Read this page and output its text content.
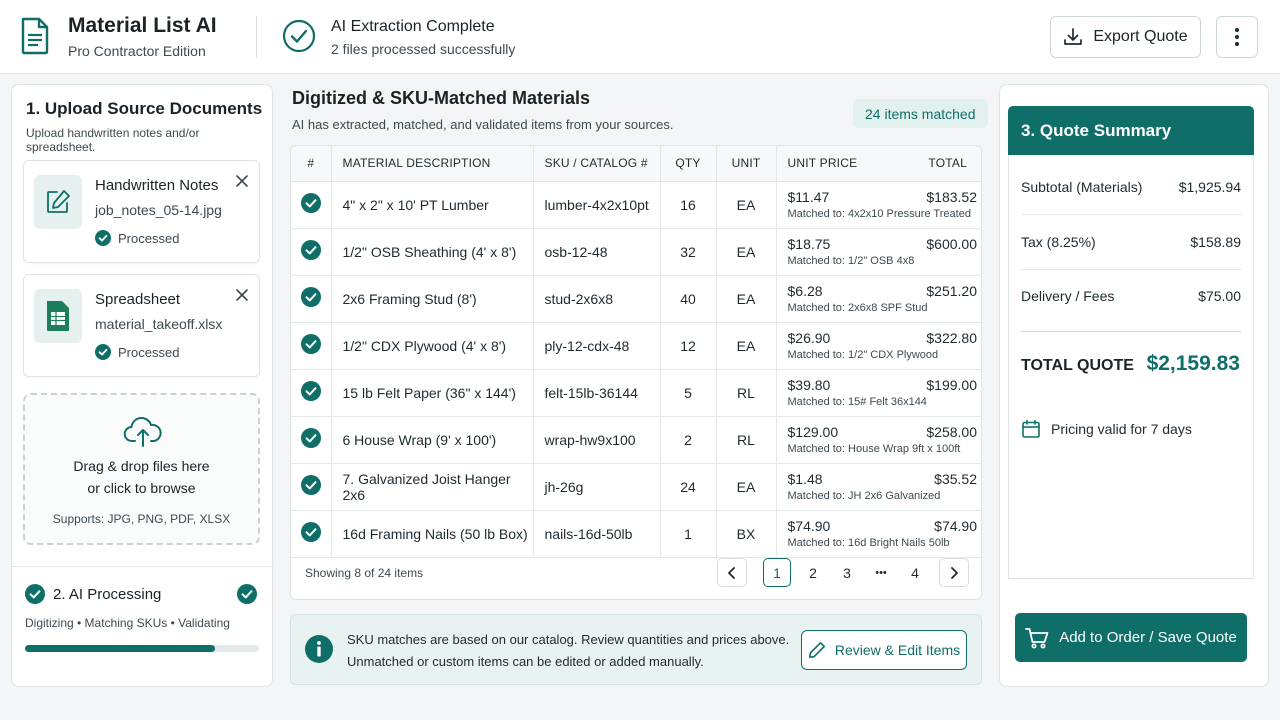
Material List AI
Pro Contractor Edition
AI Extraction Complete
2 files processed successfully
Export Quote
1. Upload Source Documents
Upload handwritten notes and/or spreadsheet.
Handwritten Notes
job_notes_05-14.jpg
Processed
Spreadsheet
material_takeoff.xlsx
Processed
Drag & drop files here
or click to browse
Supports: JPG, PNG, PDF, XLSX
2. AI Processing
Digitizing • Matching SKUs • Validating
Digitized & SKU-Matched Materials
AI has extracted, matched, and validated items from your sources.
24 items matched
#	MATERIAL DESCRIPTION	SKU / CATALOG #	QTY	UNIT	UNIT PRICE TOTAL

	4" x 2" x 10' PT Lumber	lumber-4x2x10pt	16	EA	$11.47 $183.52
Matched to: 4x2x10 Pressure Treated

	1/2" OSB Sheathing (4' x 8')	osb-12-48	32	EA	$18.75 $600.00
Matched to: 1/2" OSB 4x8

	2x6 Framing Stud (8')	stud-2x6x8	40	EA	$6.28 $251.20
Matched to: 2x6x8 SPF Stud

	1/2" CDX Plywood (4' x 8')	ply-12-cdx-48	12	EA	$26.90 $322.80
Matched to: 1/2" CDX Plywood

	15 lb Felt Paper (36" x 144')	felt-15lb-36144	5	RL	$39.80 $199.00
Matched to: 15# Felt 36x144

	6 House Wrap (9' x 100')	wrap-hw9x100	2	RL	$129.00 $258.00
Matched to: House Wrap 9ft x 100ft

	7. Galvanized Joist Hanger 2x6	jh-26g	24	EA	$1.48 $35.52
Matched to: JH 2x6 Galvanized

	16d Framing Nails (50 lb Box)	nails-16d-50lb	1	BX	$74.90 $74.90
Matched to: 16d Bright Nails 50lb
Showing 8 of 24 items	1	2	3	•••	4
SKU matches are based on our catalog. Review quantities and prices above.
Unmatched or custom items can be edited or added manually.
Review & Edit Items
3. Quote Summary
Subtotal (Materials)	$1,925.94
Tax (8.25%)	$158.89
Delivery / Fees	$75.00
TOTAL QUOTE $2,159.83
Pricing valid for 7 days
Add to Order / Save Quote
